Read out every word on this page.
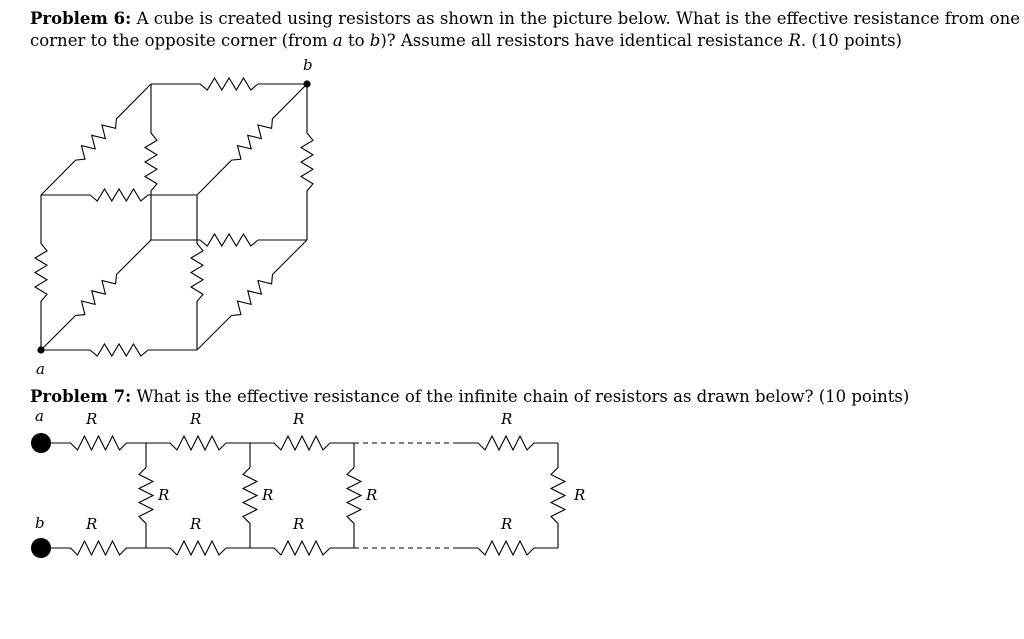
Problem 6: A cube is created using resistors as shown in the picture below. What is the effective resistance from one
corner to the opposite corner (from a to b)? Assume all resistors have identical resistance R. (10 points)
Problem 7: What is the effective resistance of the infinite chain of resistors as drawn below? (10 points)
a
b
a
b
R	R	R	R
R	R	R	R
R	R	R	R
